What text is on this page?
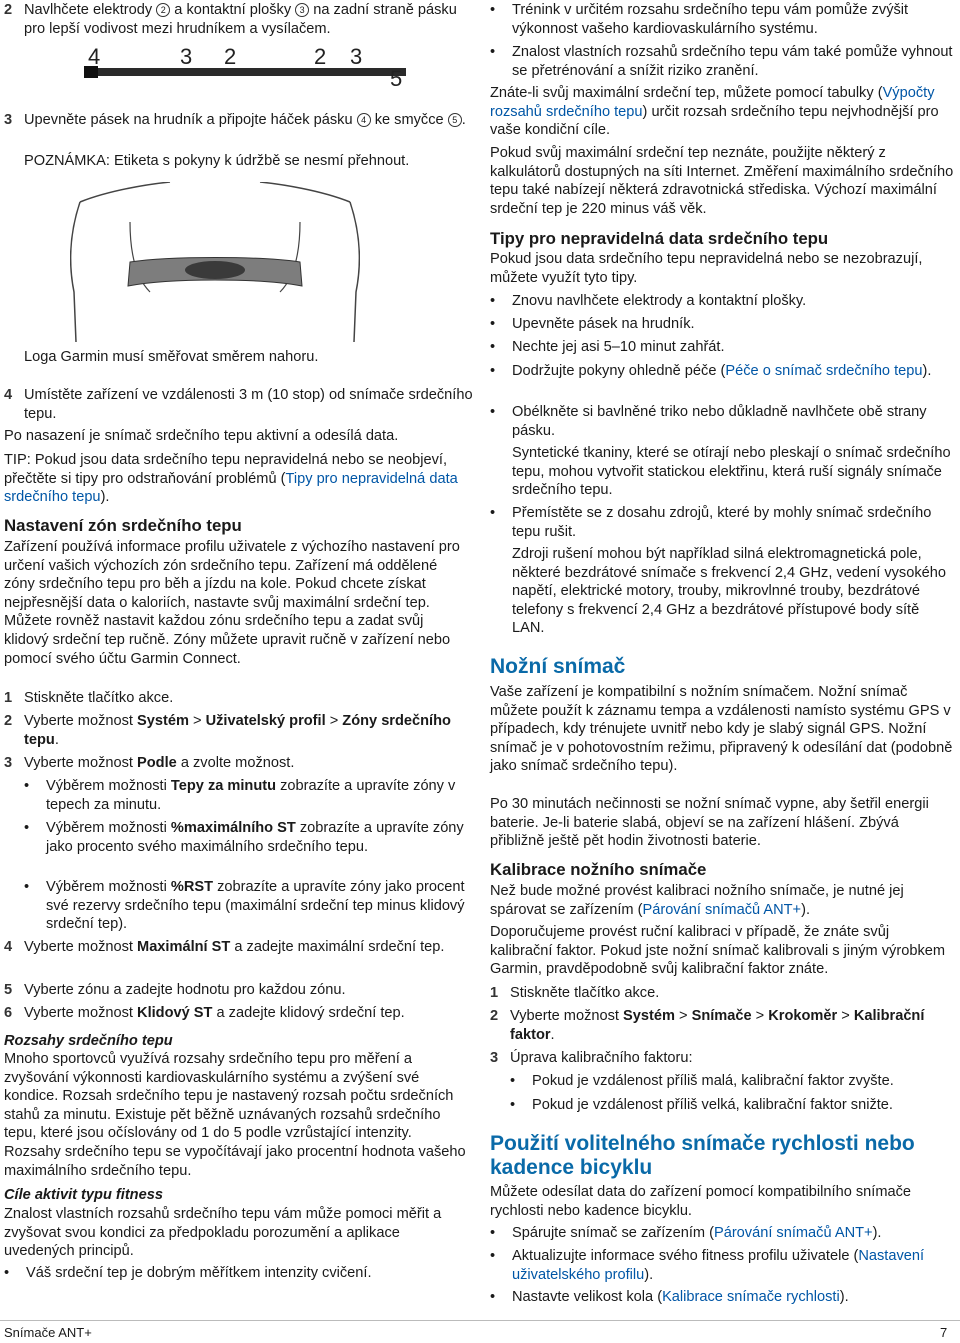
2 Navlhčete elektrody 2 a kontaktní plošky 3 na zadní straně pásku pro lepší vodivost mezi hrudníkem a vysílačem.
4	3 2	2 3
5
3 Upevněte pásek na hrudník a připojte háček pásku 4 ke smyčce 5 .

POZNÁMKA: Etiketa s pokyny k údržbě se nesmí přehnout.

Loga Garmin musí směřovat směrem nahoru.

4 Umístěte zařízení ve vzdálenosti 3 m (10 stop) od snímače srdečního tepu.

Po nasazení je snímač srdečního tepu aktivní a odesílá data.

TIP: Pokud jsou data srdečního tepu nepravidelná nebo se neobjeví, přečtěte si tipy pro odstraňování problémů (Tipy pro nepravidelná data srdečního tepu).

Nastavení zón srdečního tepu

Zařízení používá informace profilu uživatele z výchozího nastavení pro určení vašich výchozích zón srdečního tepu. Zařízení má oddělené zóny srdečního tepu pro běh a jízdu na kole. Pokud chcete získat nejpřesnější data o kaloriích, nastavte svůj maximální srdeční tep. Můžete rovněž nastavit každou zónu srdečního tepu a zadat svůj klidový srdeční tep ručně. Zóny můžete upravit ručně v zařízení nebo pomocí svého účtu Garmin Connect.

1 Stiskněte tlačítko akce.
2 Vyberte možnost Systém > Uživatelský profil > Zóny srdečního tepu.
3 Vyberte možnost Podle a zvolte možnost.
•	Výběrem možnosti Tepy za minutu zobrazíte a upravíte zóny v tepech za minutu.
•	Výběrem možnosti %maximálního ST zobrazíte a upravíte zóny jako procento svého maximálního srdečního tepu.
•	Výběrem možnosti %RST zobrazíte a upravíte zóny jako procent své rezervy srdečního tepu (maximální srdeční tep minus klidový srdeční tep).
4 Vyberte možnost Maximální ST a zadejte maximální srdeční tep.
5 Vyberte zónu a zadejte hodnotu pro každou zónu.
6 Vyberte možnost Klidový ST a zadejte klidový srdeční tep.
Rozsahy srdečního tepu

Mnoho sportovců využívá rozsahy srdečního tepu pro měření a zvyšování výkonnosti kardiovaskulárního systému a zvýšení své kondice. Rozsah srdečního tepu je nastavený rozsah počtu srdečních stahů za minutu. Existuje pět běžně uznávaných rozsahů srdečního tepu, které jsou očíslovány od 1 do 5 podle vzrůstající intenzity. Rozsahy srdečního tepu se vypočítávají jako procentní hodnota vašeho maximálního srdečního tepu.

Cíle aktivit typu fitness

Znalost vlastních rozsahů srdečního tepu vám může pomoci měřit a zvyšovat svou kondici za předpokladu porozumění a aplikace uvedených principů.

•	Váš srdeční tep je dobrým měřítkem intenzity cvičení.
•	Trénink v určitém rozsahu srdečního tepu vám pomůže zvýšit výkonnost vašeho kardiovaskulárního systému.
•	Znalost vlastních rozsahů srdečního tepu vám také pomůže vyhnout se přetrénování a snížit riziko zranění.

Znáte-li svůj maximální srdeční tep, můžete pomocí tabulky (Výpočty rozsahů srdečního tepu) určit rozsah srdečního tepu nejvhodnější pro vaše kondiční cíle.

Pokud svůj maximální srdeční tep neznáte, použijte některý z kalkulátorů dostupných na síti Internet. Změření maximálního srdečního tepu také nabízejí některá zdravotnická střediska. Výchozí maximální srdeční tep je 220 minus váš věk.

Tipy pro nepravidelná data srdečního tepu

Pokud jsou data srdečního tepu nepravidelná nebo se nezobrazují, můžete využít tyto tipy.

•	Znovu navlhčete elektrody a kontaktní plošky.
•	Upevněte pásek na hrudník.
•	Nechte jej asi 5–10 minut zahřát.
•	Dodržujte pokyny ohledně péče (Péče o snímač srdečního tepu).
•	Obélkněte si bavlněné triko nebo důkladně navlhčete obě strany pásku.

Syntetické tkaniny, které se otírají nebo pleskají o snímač srdečního tepu, mohou vytvořit statickou elektřinu, která ruší signály snímače srdečního tepu.

•	Přemístěte se z dosahu zdrojů, které by mohly snímač srdečního tepu rušit.

Zdroji rušení mohou být například silná elektromagnetická pole, některé bezdrátové snímače s frekvencí 2,4 GHz, vedení vysokého napětí, elektrické motory, trouby, mikrovlnné trouby, bezdrátové telefony s frekvencí 2,4 GHz a bezdrátové přístupové body sítě LAN.

Nožní snímač

Vaše zařízení je kompatibilní s nožním snímačem. Nožní snímač můžete použít k záznamu tempa a vzdálenosti namísto systému GPS v případech, kdy trénujete uvnitř nebo kdy je slabý signál GPS. Nožní snímač je v pohotovostním režimu, připravený k odesílání dat (podobně jako snímač srdečního tepu).

Po 30 minutách nečinnosti se nožní snímač vypne, aby šetřil energii baterie. Je-li baterie slabá, objeví se na zařízení hlášení. Zbývá přibližně ještě pět hodin životnosti baterie.

Kalibrace nožního snímače

Než bude možné provést kalibraci nožního snímače, je nutné jej spárovat se zařízením (Párování snímačů ANT+).

Doporučujeme provést ruční kalibraci v případě, že znáte svůj kalibrační faktor. Pokud jste nožní snímač kalibrovali s jiným výrobkem Garmin, pravděpodobně svůj kalibrační faktor znáte.

1 Stiskněte tlačítko akce.
2 Vyberte možnost Systém > Snímače > Krokoměr > Kalibrační faktor.
3 Úprava kalibračního faktoru:
•	Pokud je vzdálenost příliš malá, kalibrační faktor zvyšte.
•	Pokud je vzdálenost příliš velká, kalibrační faktor snižte.
Použití volitelného snímače rychlosti nebo kadence bicyklu

Můžete odesílat data do zařízení pomocí kompatibilního snímače rychlosti nebo kadence bicyklu.

•	Spárujte snímač se zařízením (Párování snímačů ANT+).
•	Aktualizujte informace svého fitness profilu uživatele (Nastavení uživatelského profilu).
•	Nastavte velikost kola (Kalibrace snímače rychlosti).
Snímače ANT+	7
